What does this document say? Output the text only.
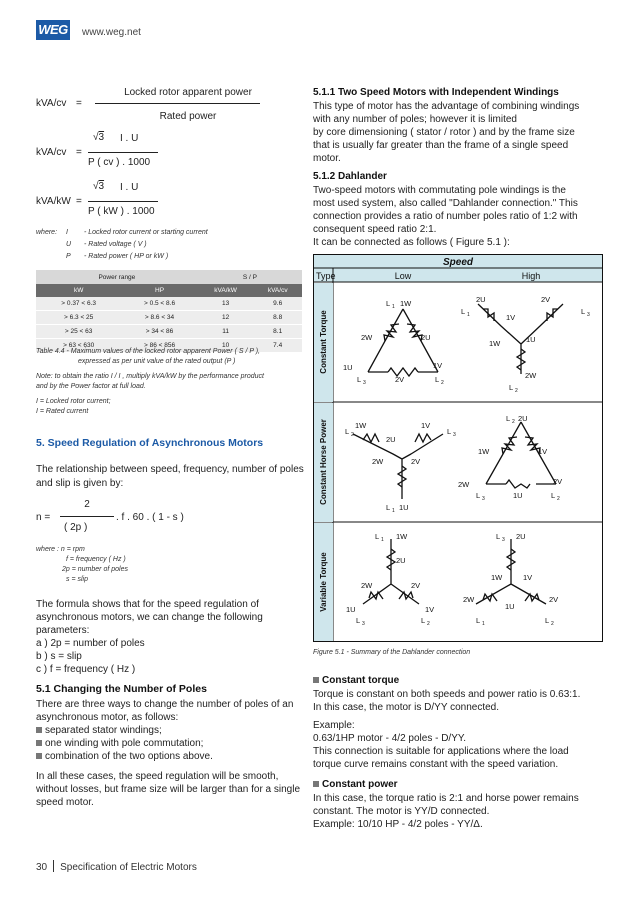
WEG www.weg.net
kVA/cv =
Locked rotor apparent power
Rated power
kVA/cv =
√3 I . U
P ( cv ) . 1000
kVA/kW =
√3 I . U
P ( kW ) . 1000
where: I - Locked rotor current or starting current
U - Rated voltage ( V )
P - Rated power ( HP or kW )
Power range		S / P	
kW	HP	kVA/kW	kVA/cv
> 0.37 < 6.3	> 0.5 < 8.6	13	9.6
> 6.3 < 25	> 8.6 < 34	12	8.8
> 25 < 63	> 34 < 86	11	8.1
> 63 < 630	> 86 < 856	10	7.4
Table 4.4 - Maximum values of the locked rotor apparent Power ( S / P ),
expressed as per unit value of the rated output (P )
Note: to obtain the ratio I / I , multiply kVA/kW by the performance product
and by the Power factor at full load.
I = Locked rotor current;
I = Rated current
5. Speed Regulation of Asynchronous Motors
The relationship between speed, frequency, number of poles
and slip is given by:
n =
2
( 2p )
. f . 60 . ( 1 - s )
where : n = rpm
f = frequency ( Hz )
2p = number of poles
s = slip
The formula shows that for the speed regulation of
asynchronous motors, we can change the following
parameters:
a ) 2p = number of poles
b ) s = slip
c ) f = frequency ( Hz )
5.1 Changing the Number of Poles
There are three ways to change the number of poles of an
asynchronous motor, as follows:
separated stator windings;
one winding with pole commutation;
combination of the two options above.
In all these cases, the speed regulation will be smooth,
without losses, but frame size will be larger than for a single
speed motor.
5.1.1 Two Speed Motors with Independent Windings
This type of motor has the advantage of combining windings
with any number of poles; however it is limited
by core dimensioning ( stator / rotor ) and by the frame size
that is usually far greater than the frame of a single speed
motor.
5.1.2 Dahlander
Two-speed motors with commutating pole windings is the
most used system, also called "Dahlander connection." This
connection provides a ratio of number poles ratio of 1:2 with
consequent speed ratio 2:1.
It can be connected as follows ( Figure 5.1 ):
Speed
Type	Low	High
Constant Torque
Constant Horse Power
Variable Torque
L 1 1W
2W	2U
1U	1V
L 3	2V	L 2
2U	2V
L 1	L 3
1V
1W	1U
2W
L 2
1W	1V
L 2	L 3
2U
2W	2V
L 1 1U
L 2 2U
1W	1V
2W	2V
L 3	1U	L 2
L 1 1W
2U
2W	2V
1U	1V
L 3	L 2
L 3 2U
1W	1V
2W	2V
1U
L 1	L 2
Figure 5.1 - Summary of the Dahlander connection
Constant torque
Torque is constant on both speeds and power ratio is 0.63:1.
In this case, the motor is D/YY connected.
Example:
0.63/1HP motor - 4/2 poles - D/YY.
This connection is suitable for applications where the load
torque curve remains constant with the speed variation.
Constant power
In this case, the torque ratio is 2:1 and horse power remains
constant. The motor is YY/D connected.
Example: 10/10 HP - 4/2 poles - YY/Δ.
30 Specification of Electric Motors
